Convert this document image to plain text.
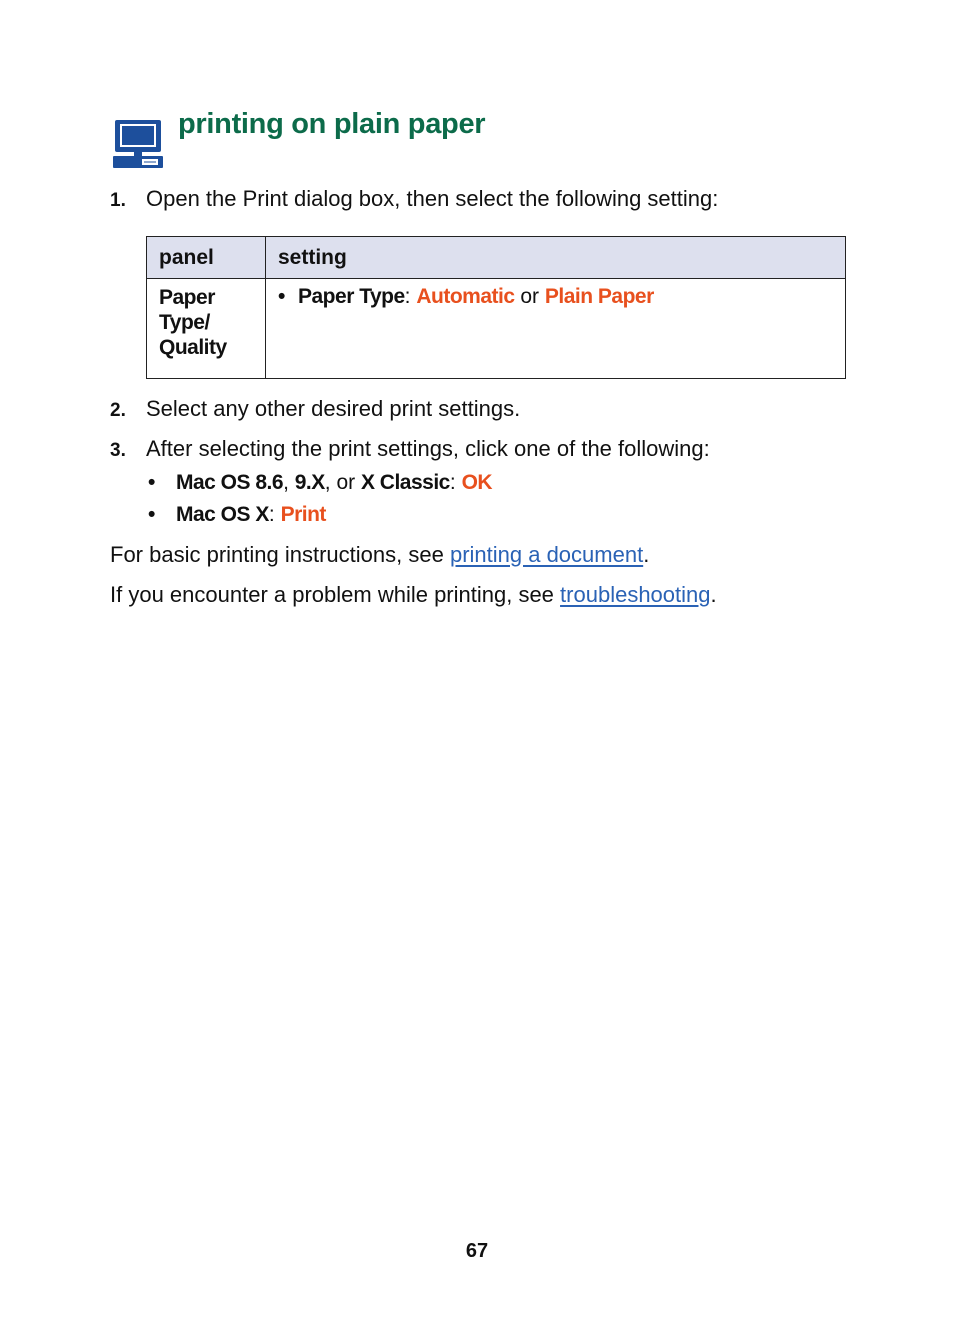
printing on plain paper
1. Open the Print dialog box, then select the following setting:
panel	setting

Paper
Type/
Quality	• Paper Type: Automatic or Plain Paper
2. Select any other desired print settings.
3. After selecting the print settings, click one of the following:
• Mac OS 8.6, 9.X, or X Classic: OK
• Mac OS X: Print

For basic printing instructions, see printing a document.

If you encounter a problem while printing, see troubleshooting.

67
